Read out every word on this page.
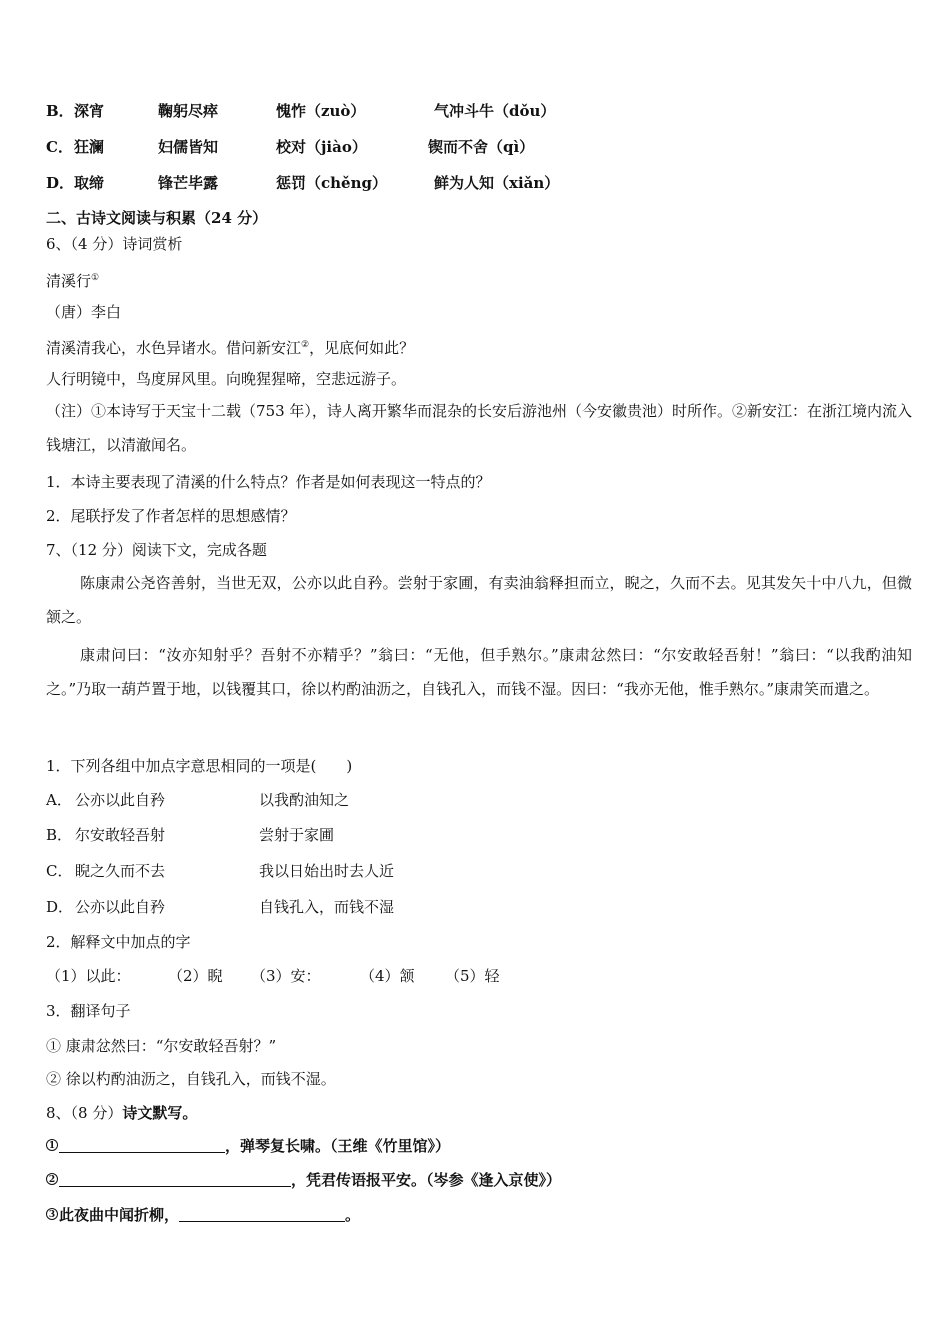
B． 深宵	鞠躬尽瘁	愧怍（zuò）	气冲斗牛（dǒu）
C． 狂澜	妇儒皆知	校对（jiào）	锲而不舍（qì）
D． 取缔	锋芒毕露	惩罚（chěng）	鲜为人知（xiǎn）
二、古诗文阅读与积累（24 分）
6、（4 分）诗词赏析
清溪行①
（唐）李白
清溪清我心，水色异诸水。借问新安江②，见底何如此？
人行明镜中，鸟度屏风里。向晚猩猩啼，空悲远游子。
（注）①本诗写于天宝十二载（753 年），诗人离开繁华而混杂的长安后游池州（今安徽贵池）时所作。②新安江：在浙江境内流入钱塘江，以清澈闻名。
1．本诗主要表现了清溪的什么特点？作者是如何表现这一特点的？
2．尾联抒发了作者怎样的思想感情？
7、（12 分）阅读下文，完成各题
陈康肃公尧咨善射，当世无双，公亦以此自矜。尝射于家圃，有卖油翁释担而立，睨之，久而不去。见其发矢十中八九，但微颔之。
康肃问曰：“汝亦知射乎？吾射不亦精乎？”翁曰：“无他，但手熟尔。”康肃忿然曰：“尔安敢轻吾射！”翁曰：“以我酌油知之。”乃取一葫芦置于地，以钱覆其口，徐以杓酌油沥之，自钱孔入，而钱不湿。因曰：“我亦无他，惟手熟尔。”康肃笑而遣之。
1．下列各组中加点字意思相同的一项是(　　)
A． 公亦以此自矜	以我酌油知之
B． 尔安敢轻吾射	尝射于家圃
C． 睨之久而不去	我以日始出时去人近
D． 公亦以此自矜	自钱孔入，而钱不湿
2．解释文中加点的字
（1）以此： （2）睨 （3）安：	（4）颔 （5）轻
3．翻译句子
① 康肃忿然曰：“尔安敢轻吾射？”
② 徐以杓酌油沥之，自钱孔入，而钱不湿。
8、（8 分）诗文默写。
1	，弹琴复长啸。（王维《竹里馆》）
2	，凭君传语报平安。（岑参《逢入京使》）
3 此夜曲中闻折柳，	。
